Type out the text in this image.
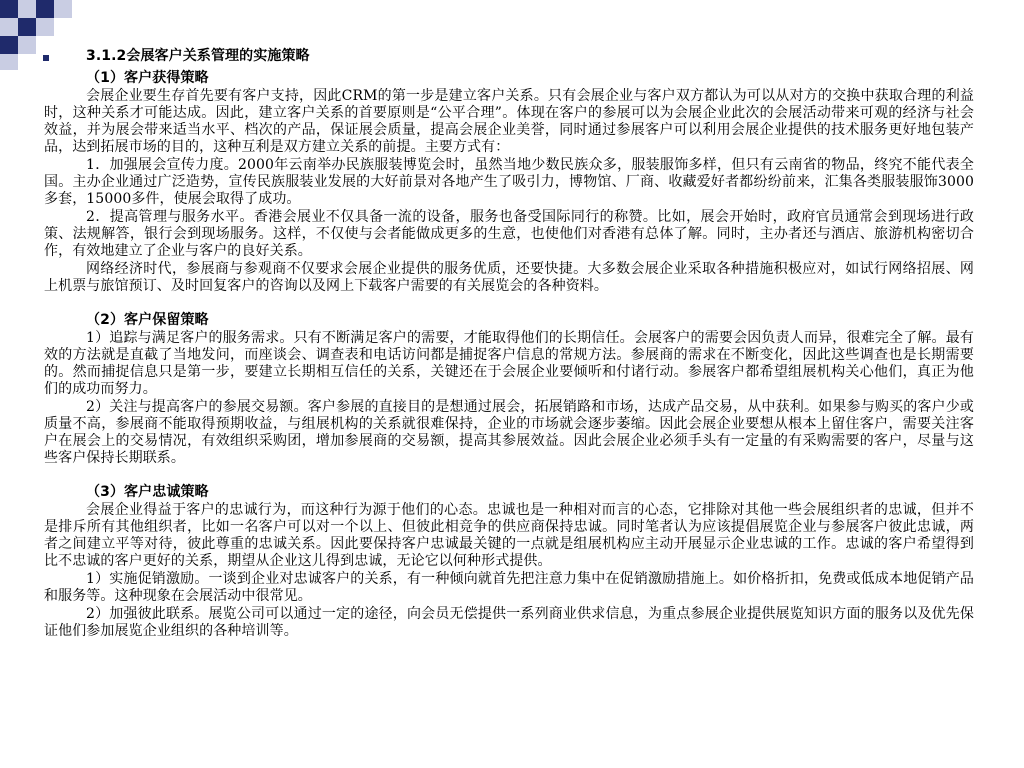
3.1.2会展客户关系管理的实施策略
（1）客户获得策略

会展企业要生存首先要有客户支持，因此CRM的第一步是建立客户关系。只有会展企业与客户双方都认为可以从对方的交换中获取合理的利益时，这种关系才可能达成。因此，建立客户关系的首要原则是“公平合理”。体现在客户的参展可以为会展企业此次的会展活动带来可观的经济与社会效益，并为展会带来适当水平、档次的产品，保证展会质量，提高会展企业美誉，同时通过参展客户可以利用会展企业提供的技术服务更好地包装产品，达到拓展市场的目的，这种互利是双方建立关系的前提。主要方式有：

1．加强展会宣传力度。2000年云南举办民族服装博览会时，虽然当地少数民族众多，服装服饰多样，但只有云南省的物品，终究不能代表全国。主办企业通过广泛造势，宣传民族服装业发展的大好前景对各地产生了吸引力，博物馆、厂商、收藏爱好者都纷纷前来，汇集各类服装服饰3000多套，15000多件，使展会取得了成功。

2．提高管理与服务水平。香港会展业不仅具备一流的设备，服务也备受国际同行的称赞。比如，展会开始时，政府官员通常会到现场进行政策、法规解答，银行会到现场服务。这样，不仅使与会者能做成更多的生意，也使他们对香港有总体了解。同时，主办者还与酒店、旅游机构密切合作，有效地建立了企业与客户的良好关系。

网络经济时代，参展商与参观商不仅要求会展企业提供的服务优质，还要快捷。大多数会展企业采取各种措施积极应对，如试行网络招展、网上机票与旅馆预订、及时回复客户的咨询以及网上下载客户需要的有关展览会的各种资料。

（2）客户保留策略

1）追踪与满足客户的服务需求。只有不断满足客户的需要，才能取得他们的长期信任。会展客户的需要会因负责人而异，很难完全了解。最有效的方法就是直截了当地发问，而座谈会、调查表和电话访问都是捕捉客户信息的常规方法。参展商的需求在不断变化，因此这些调查也是长期需要的。然而捕捉信息只是第一步，要建立长期相互信任的关系，关键还在于会展企业要倾听和付诸行动。参展客户都希望组展机构关心他们，真正为他们的成功而努力。

2）关注与提高客户的参展交易额。客户参展的直接目的是想通过展会，拓展销路和市场，达成产品交易，从中获利。如果参与购买的客户少或质量不高，参展商不能取得预期收益，与组展机构的关系就很难保持，企业的市场就会逐步萎缩。因此会展企业要想从根本上留住客户，需要关注客户在展会上的交易情况，有效组织采购团，增加参展商的交易额，提高其参展效益。因此会展企业必须手头有一定量的有采购需要的客户，尽量与这些客户保持长期联系。

（3）客户忠诚策略

会展企业得益于客户的忠诚行为，而这种行为源于他们的心态。忠诚也是一种相对而言的心态，它排除对其他一些会展组织者的忠诚，但并不是排斥所有其他组织者，比如一名客户可以对一个以上、但彼此相竞争的供应商保持忠诚。同时笔者认为应该提倡展览企业与参展客户彼此忠诚，两者之间建立平等对待，彼此尊重的忠诚关系。因此要保持客户忠诚最关键的一点就是组展机构应主动开展显示企业忠诚的工作。忠诚的客户希望得到比不忠诚的客户更好的关系，期望从企业这儿得到忠诚，无论它以何种形式提供。

1）实施促销激励。一谈到企业对忠诚客户的关系，有一种倾向就首先把注意力集中在促销激励措施上。如价格折扣，免费或低成本地促销产品和服务等。这种现象在会展活动中很常见。

2）加强彼此联系。展览公司可以通过一定的途径，向会员无偿提供一系列商业供求信息，为重点参展企业提供展览知识方面的服务以及优先保证他们参加展览企业组织的各种培训等。
